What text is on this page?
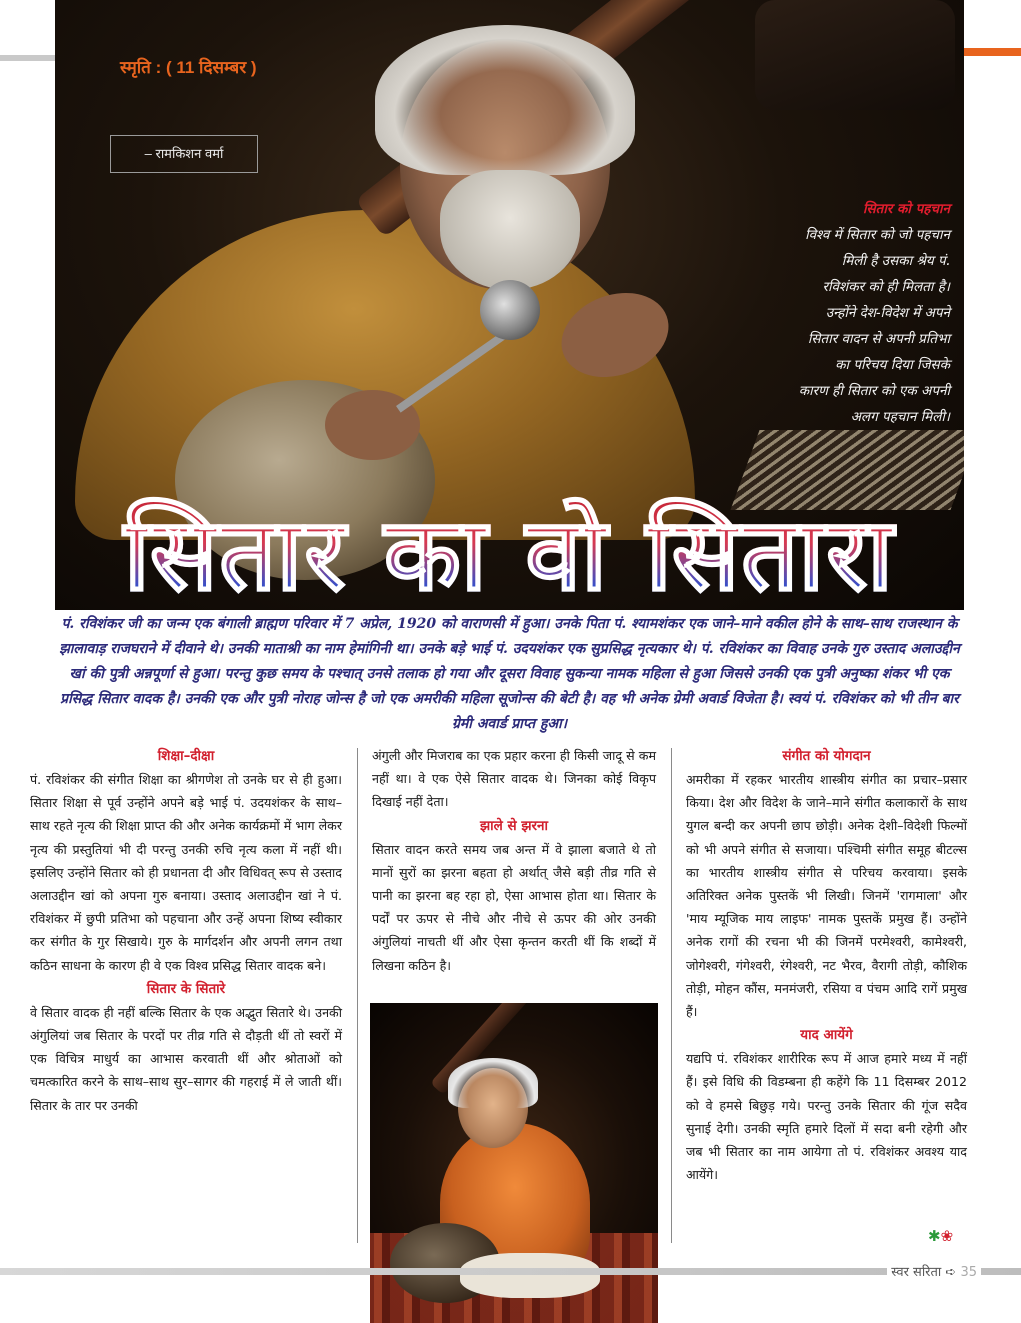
स्मृति : ( 11 दिसम्बर )
– रामकिशन वर्मा
सितार को पहचान
विश्व में सितार को जो पहचान
मिली है उसका श्रेय पं.
रविशंकर को ही मिलता है।
उन्होंने देश-विदेश में अपने
सितार वादन से अपनी प्रतिभा
का परिचय दिया जिसके
कारण ही सितार को एक अपनी
अलग पहचान मिली।
सितार का वो सितारा
पं. रविशंकर जी का जन्म एक बंगाली ब्राह्मण परिवार में 7 अप्रेल, 1920 को वाराणसी में हुआ। उनके पिता पं. श्यामशंकर एक जाने–माने वकील होने के साथ–साथ राजस्थान के झालावाड़ राजघराने में दीवाने थे। उनकी माताश्री का नाम हेमांगिनी था। उनके बड़े भाई पं. उदयशंकर एक सुप्रसिद्ध नृत्यकार थे। पं. रविशंकर का विवाह उनके गुरु उस्ताद अलाउद्दीन खां की पुत्री अन्नपूर्णा से हुआ। परन्तु कुछ समय के पश्चात् उनसे तलाक हो गया और दूसरा विवाह सुकन्या नामक महिला से हुआ जिससे उनकी एक पुत्री अनुष्का शंकर भी एक प्रसिद्ध सितार वादक है। उनकी एक और पुत्री नोराह जोन्स है जो एक अमरीकी महिला सूजोन्स की बेटी है। वह भी अनेक ग्रेमी अवार्ड विजेता है। स्वयं पं. रविशंकर को भी तीन बार ग्रेमी अवार्ड प्राप्त हुआ।
शिक्षा–दीक्षा

पं. रविशंकर की संगीत शिक्षा का श्रीगणेश तो उनके घर से ही हुआ। सितार शिक्षा से पूर्व उन्होंने अपने बड़े भाई पं. उदयशंकर के साथ–साथ रहते नृत्य की शिक्षा प्राप्त की और अनेक कार्यक्रमों में भाग लेकर नृत्य की प्रस्तुतियां भी दी परन्तु उनकी रुचि नृत्य कला में नहीं थी। इसलिए उन्होंने सितार को ही प्रधानता दी और विधिवत् रूप से उस्ताद अलाउद्दीन खां को अपना गुरु बनाया। उस्ताद अलाउद्दीन खां ने पं. रविशंकर में छुपी प्रतिभा को पहचाना और उन्हें अपना शिष्य स्वीकार कर संगीत के गुर सिखाये। गुरु के मार्गदर्शन और अपनी लगन तथा कठिन साधना के कारण ही वे एक विश्व प्रसिद्ध सितार वादक बने।

सितार के सितारे

वे सितार वादक ही नहीं बल्कि सितार के एक अद्भुत सितारे थे। उनकी अंगुलियां जब सितार के परदों पर तीव्र गति से दौड़ती थीं तो स्वरों में एक विचित्र माधुर्य का आभास करवाती थीं और श्रोताओं को चमत्कारित करने के साथ–साथ सुर–सागर की गहराई में ले जाती थीं। सितार के तार पर उनकी

अंगुली और मिजराब का एक प्रहार करना ही किसी जादू से कम नहीं था। वे एक ऐसे सितार वादक थे। जिनका कोई विकृप दिखाई नहीं देता।

झाले से झरना

सितार वादन करते समय जब अन्त में वे झाला बजाते थे तो मानों सुरों का झरना बहता हो अर्थात् जैसे बड़ी तीव्र गति से पानी का झरना बह रहा हो, ऐसा आभास होता था। सितार के पर्दों पर ऊपर से नीचे और नीचे से ऊपर की ओर उनकी अंगुलियां नाचती थीं और ऐसा कृन्तन करती थीं कि शब्दों में लिखना कठिन है।

संगीत को योगदान

अमरीका में रहकर भारतीय शास्त्रीय संगीत का प्रचार–प्रसार किया। देश और विदेश के जाने–माने संगीत कलाकारों के साथ युगल बन्दी कर अपनी छाप छोड़ी। अनेक देशी–विदेशी फिल्मों को भी अपने संगीत से सजाया। पश्चिमी संगीत समूह बीटल्स का भारतीय शास्त्रीय संगीत से परिचय करवाया। इसके अतिरिक्त अनेक पुस्तकें भी लिखी। जिनमें 'रागमाला' और 'माय म्यूजिक माय लाइफ' नामक पुस्तकें प्रमुख हैं। उन्होंने अनेक रागों की रचना भी की जिनमें परमेश्वरी, कामेश्वरी, जोगेश्वरी, गंगेश्वरी, रंगेश्वरी, नट भैरव, वैरागी तोड़ी, कौशिक तोड़ी, मोहन कौंस, मनमंजरी, रसिया व पंचम आदि रागें प्रमुख हैं।

याद आयेंगे

यद्यपि पं. रविशंकर शारीरिक रूप में आज हमारे मध्य में नहीं हैं। इसे विधि की विडम्बना ही कहेंगे कि 11 दिसम्बर 2012 को वे हमसे बिछुड़ गये। परन्तु उनके सितार की गूंज सदैव सुनाई देगी। उनकी स्मृति हमारे दिलों में सदा बनी रहेगी और जब भी सितार का नाम आयेगा तो पं. रविशंकर अवश्य याद आयेंगे।

✱❀
स्वर सरिता ➪ 35
